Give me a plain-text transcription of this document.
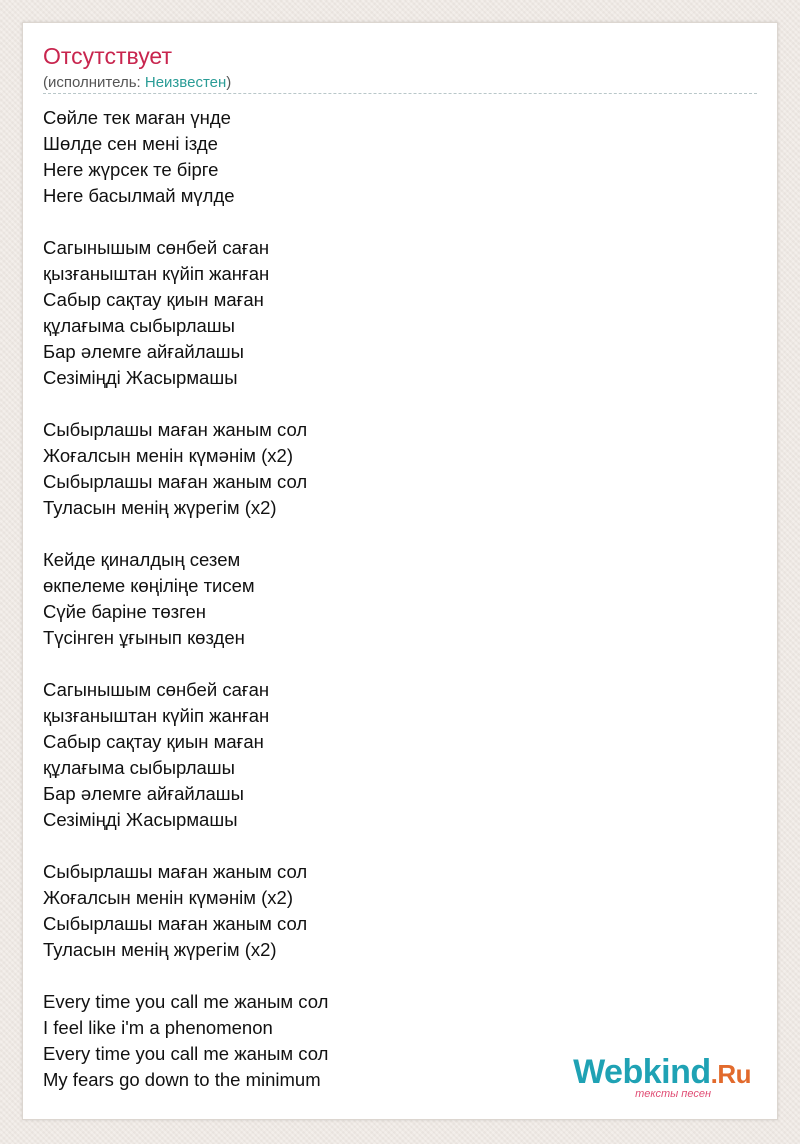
Отсутствует
(исполнитель: Неизвестен)
Сөйле тек маған үнде
Шөлде сен мені ізде
Неге жүрсек те бірге
Неге басылмай мүлде
Сагынышым сөнбей саған
қызғаныштан күйіп жанған
Сабыр сақтау қиын маған
құлағыма сыбырлашы
Бар әлемге айғайлашы
Сезіміңді Жасырмашы
Сыбырлашы маған жаным сол
Жоғалсын менін күмәнім (x2)
Сыбырлашы маған жаным сол
Туласын менің жүрегім (x2)
Кейде қиналдың сезем
өкпелеме көңіліңе тисем
Сүйе баріне төзген
Түсінген ұғынып көзден
Сагынышым сөнбей саған
қызғаныштан күйіп жанған
Сабыр сақтау қиын маған
құлағыма сыбырлашы
Бар әлемге айғайлашы
Сезіміңді Жасырмашы
Сыбырлашы маған жаным сол
Жоғалсын менін күмәнім (x2)
Сыбырлашы маған жаным сол
Туласын менің жүрегім (x2)
Every time you call me жаным сол
I feel like i'm a phenomenon
Every time you call me жаным сол
My fears go down to the minimum	Webkind.Ru
тексты песен
